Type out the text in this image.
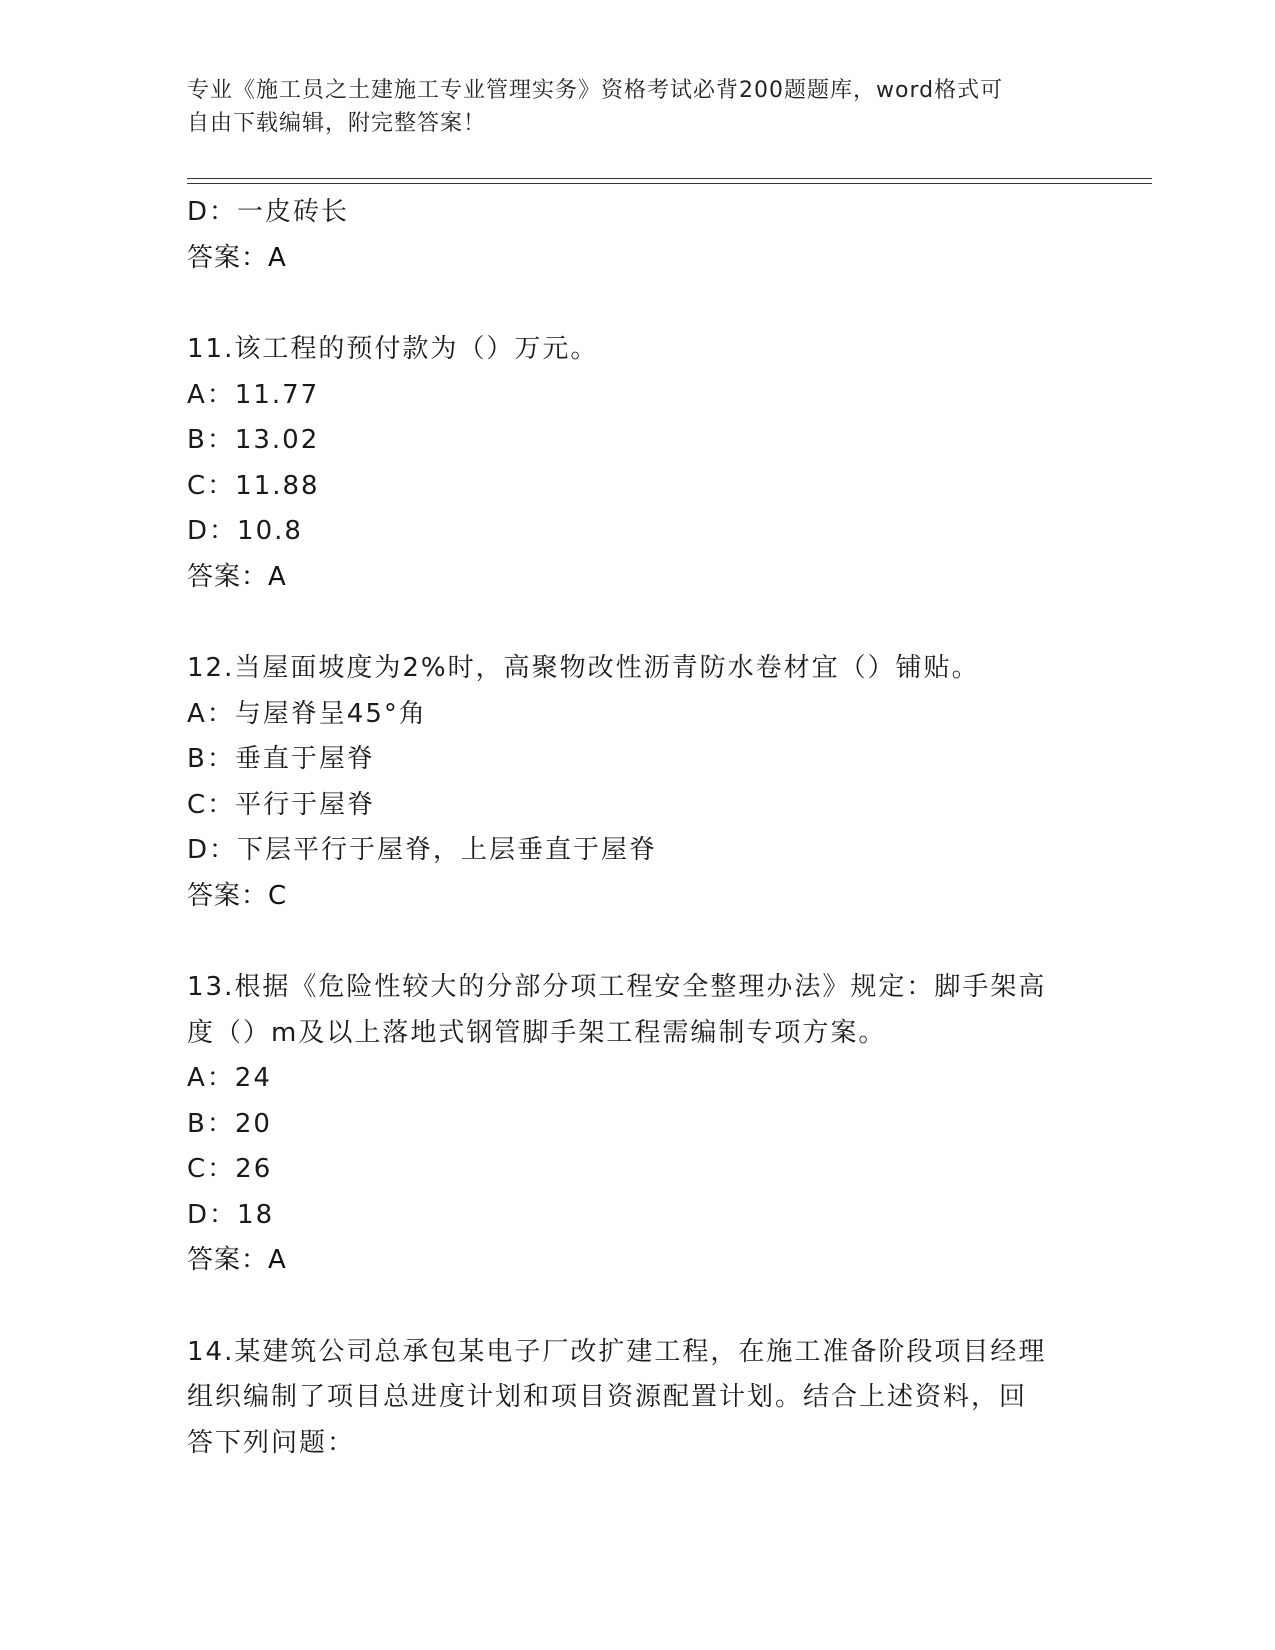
专业《施工员之土建施工专业管理实务》资格考试必背200题题库，word格式可
自由下载编辑，附完整答案！
D：一皮砖长
答案：A
11.该工程的预付款为（）万元。
A：11.77
B：13.02
C：11.88
D：10.8
答案：A
12.当屋面坡度为2%时，高聚物改性沥青防水卷材宜（）铺贴。
A：与屋脊呈45°角
B：垂直于屋脊
C：平行于屋脊
D：下层平行于屋脊，上层垂直于屋脊
答案：C
13.根据《危险性较大的分部分项工程安全整理办法》规定：脚手架高
度（）m及以上落地式钢管脚手架工程需编制专项方案。
A：24
B：20
C：26
D：18
答案：A
14.某建筑公司总承包某电子厂改扩建工程，在施工准备阶段项目经理
组织编制了项目总进度计划和项目资源配置计划。结合上述资料，回
答下列问题：
